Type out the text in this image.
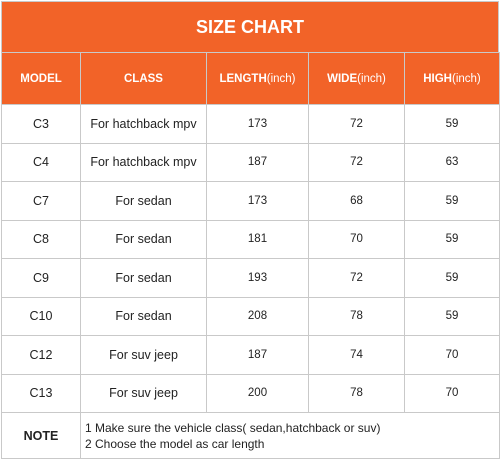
SIZE CHART
MODEL	CLASS	LENGTH(inch)	WIDE(inch)	HIGH(inch)
C3	For hatchback mpv	173	72	59
C4	For hatchback mpv	187	72	63
C7	For sedan	173	68	59
C8	For sedan	181	70	59
C9	For sedan	193	72	59
C10	For sedan	208	78	59
C12	For suv jeep	187	74	70
C13	For suv jeep	200	78	70
NOTE	1 Make sure the vehicle class( sedan,hatchback or suv)
2 Choose the model as car length			
